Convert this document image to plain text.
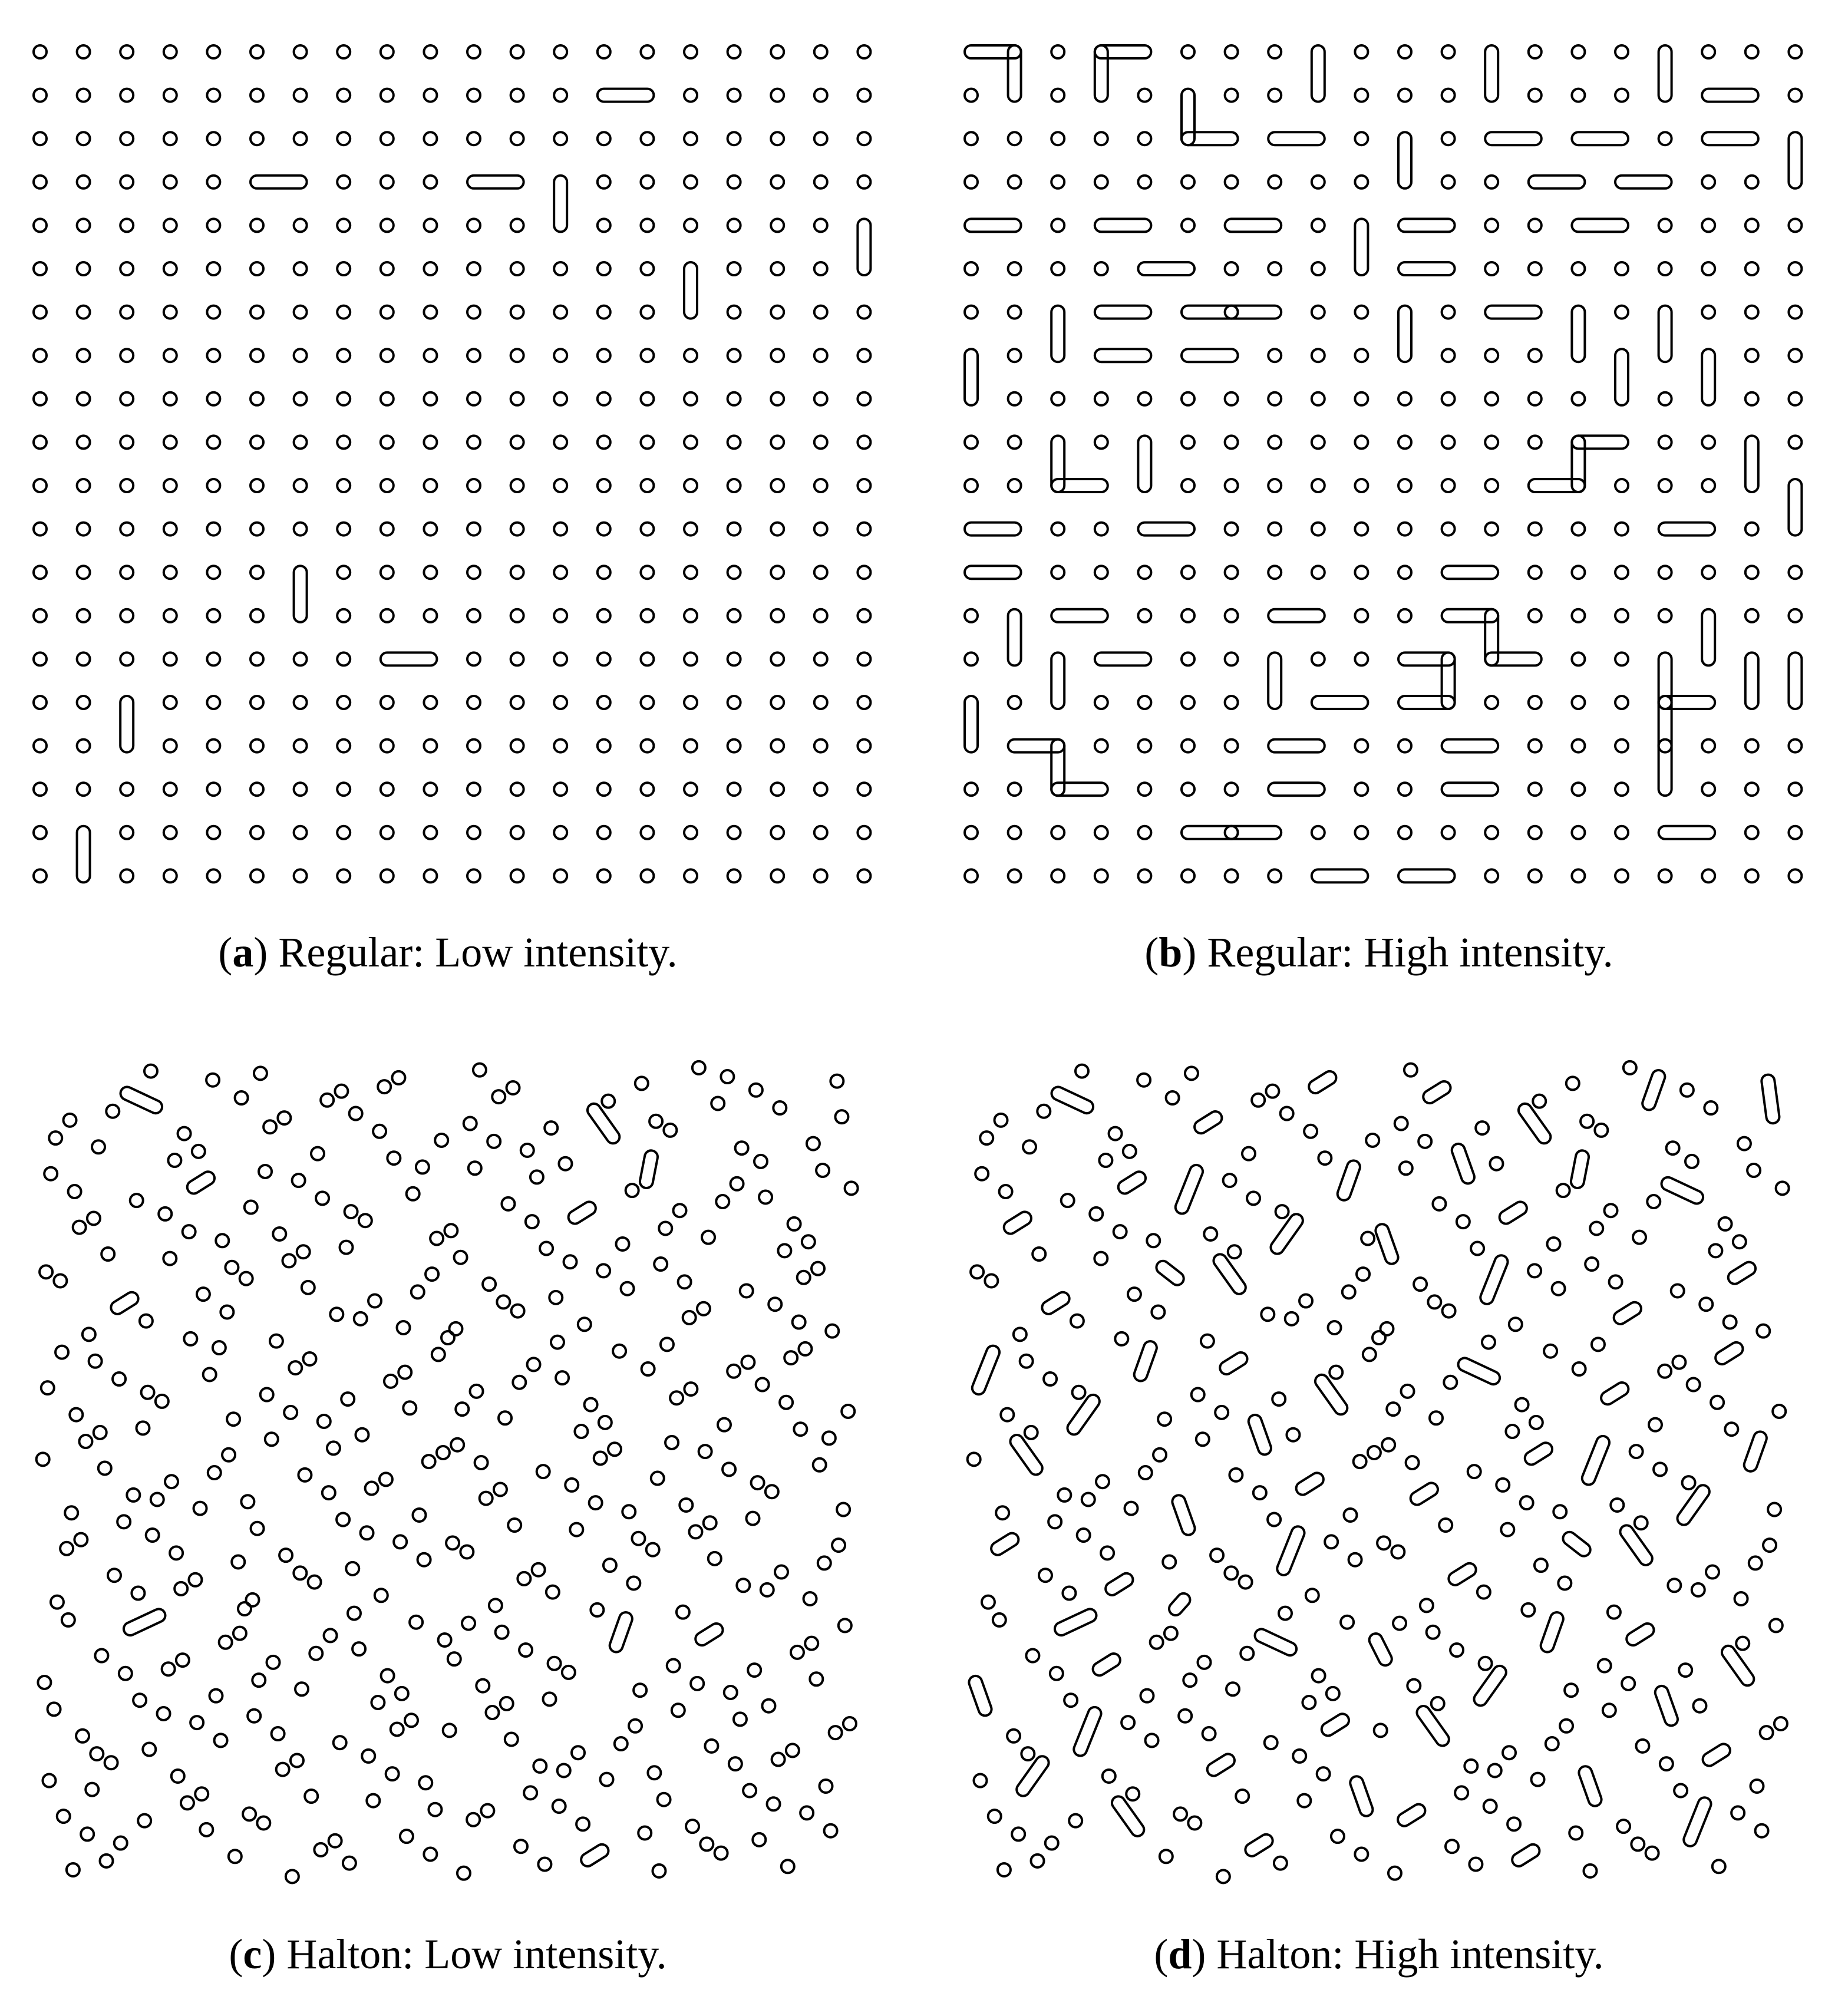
(a) Regular: Low intensity.	(b) Regular: High intensity.
(c) Halton: Low intensity.	(d) Halton: High intensity.
